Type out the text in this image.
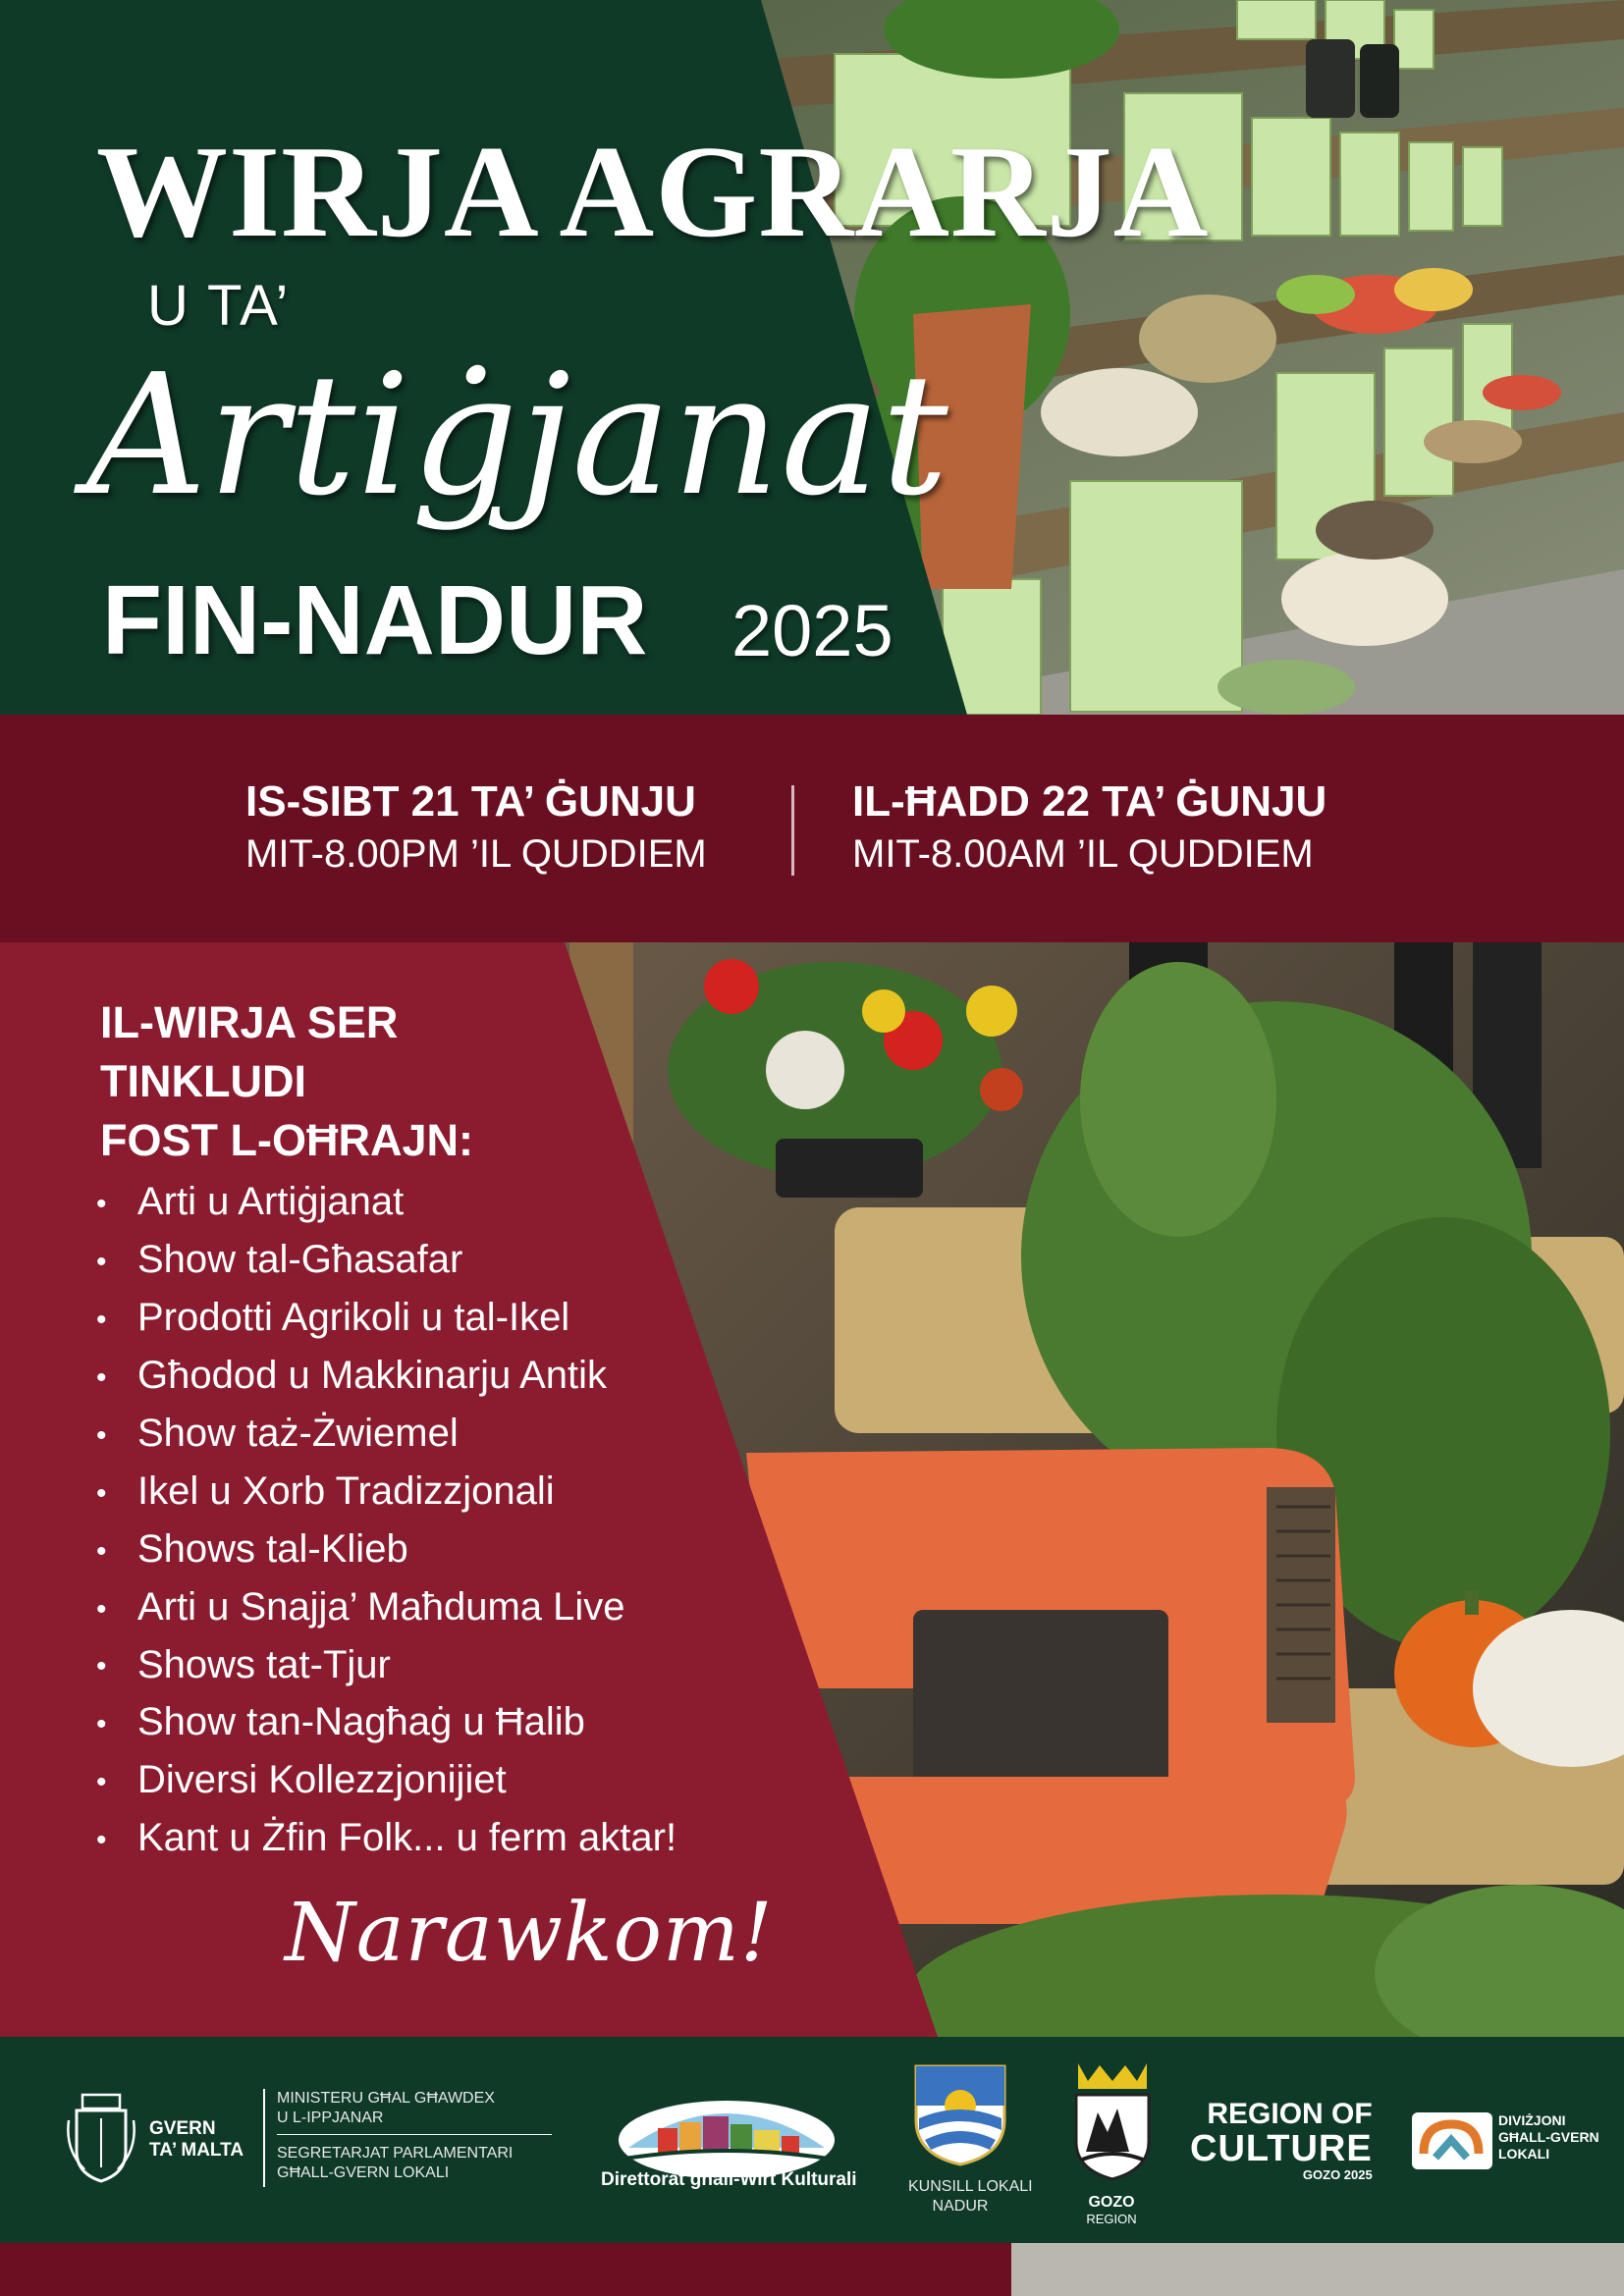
WIRJA AGRARJA
U TA’
Artiġjanat
FIN-NADUR 2025
IS-SIBT 21 TA’ ĠUNJU
MIT-8.00PM ’IL QUDDIEM
IL-ĦADD 22 TA’ ĠUNJU
MIT-8.00AM ’IL QUDDIEM
IL-WIRJA SER
TINKLUDI
FOST L-OĦRAJN:
• Arti u Artiġjanat
• Show tal-Għasafar
• Prodotti Agrikoli u tal-Ikel
• Għodod u Makkinarju Antik
• Show taż-Żwiemel
• Ikel u Xorb Tradizzjonali
• Shows tal-Klieb
• Arti u Snajja’ Maħduma Live
• Shows tat-Tjur
• Show tan-Nagħaġ u Ħalib
• Diversi Kollezzjonijiet
• Kant u Żfin Folk... u ferm aktar!
Narawkom!
GVERN
TA’ MALTA
MINISTERU GĦAL GĦAWDEX
U L-IPPJANAR
SEGRETARJAT PARLAMENTARI
GĦALL-GVERN LOKALI	Direttorat għall-Wirt Kulturali	KUNSILL LOKALI
NADUR	GOZO
REGION
REGION OF
CULTURE
GOZO 2025
DIVIŻJONI
GĦALL-GVERN
LOKALI
